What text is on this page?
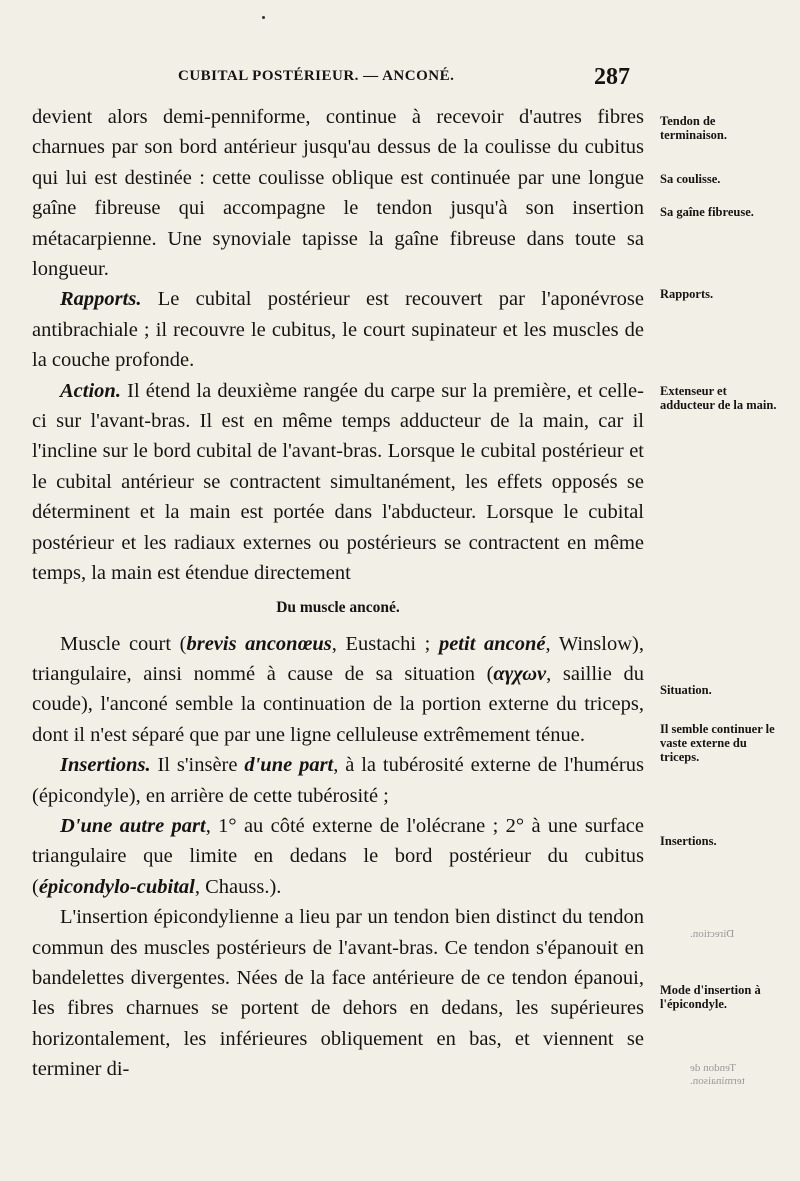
CUBITAL POSTÉRIEUR. — ANCONÉ.	287

devient alors demi-penniforme, continue à recevoir d'autres fibres charnues par son bord antérieur jusqu'au dessus de la coulisse du cubitus qui lui est destinée : cette coulisse oblique est continuée par une longue gaîne fibreuse qui accompagne le tendon jusqu'à son insertion métacarpienne. Une synoviale tapisse la gaîne fibreuse dans toute sa longueur.

Rapports. Le cubital postérieur est recouvert par l'aponévrose antibrachiale ; il recouvre le cubitus, le court supinateur et les muscles de la couche profonde.

Action. Il étend la deuxième rangée du carpe sur la première, et celle-ci sur l'avant-bras. Il est en même temps adducteur de la main, car il l'incline sur le bord cubital de l'avant-bras. Lorsque le cubital postérieur et le cubital antérieur se contractent simultanément, les effets opposés se déterminent et la main est portée dans l'abducteur. Lorsque le cubital postérieur et les radiaux externes ou postérieurs se contractent en même temps, la main est étendue directement

Du muscle anconé.

Muscle court (brevis anconœus, Eustachi ; petit anconé, Winslow), triangulaire, ainsi nommé à cause de sa situation (αγχων, saillie du coude), l'anconé semble la continuation de la portion externe du triceps, dont il n'est séparé que par une ligne celluleuse extrêmement ténue.

Insertions. Il s'insère d'une part, à la tubérosité externe de l'humérus (épicondyle), en arrière de cette tubérosité ;

D'une autre part, 1° au côté externe de l'olécrane ; 2° à une surface triangulaire que limite en dedans le bord postérieur du cubitus (épicondylo-cubital, Chauss.).

L'insertion épicondylienne a lieu par un tendon bien distinct du tendon commun des muscles postérieurs de l'avant-bras. Ce tendon s'épanouit en bandelettes divergentes. Nées de la face antérieure de ce tendon épanoui, les fibres charnues se portent de dehors en dedans, les supérieures horizontalement, les inférieures obliquement en bas, et viennent se terminer di-

Tendon de terminaison.
Sa coulisse.
Sa gaîne fibreuse.
Rapports.
Extenseur et adducteur de la main.
Situation.
Il semble continuer le vaste externe du triceps.
Insertions.
Mode d'insertion à l'épicondyle.
Direction.
Tendon de terminaison.
